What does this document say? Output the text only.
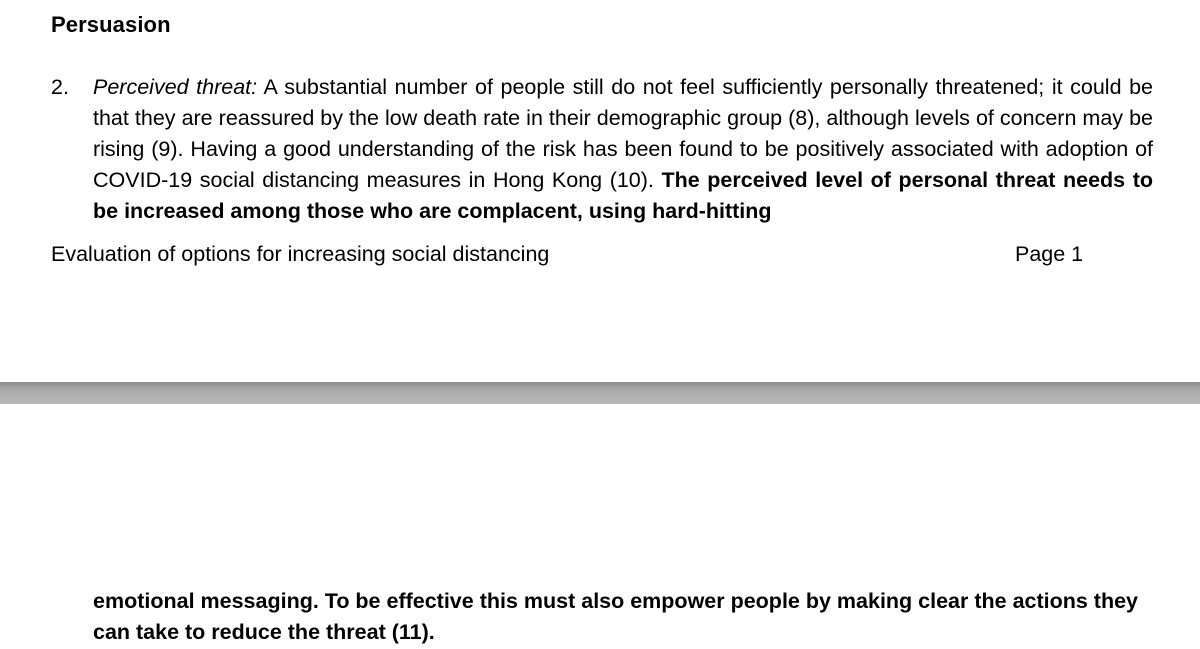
Persuasion
2. Perceived threat: A substantial number of people still do not feel sufficiently personally threatened; it could be that they are reassured by the low death rate in their demographic group (8), although levels of concern may be rising (9). Having a good understanding of the risk has been found to be positively associated with adoption of COVID-19 social distancing measures in Hong Kong (10). The perceived level of personal threat needs to be increased among those who are complacent, using hard-hitting
Evaluation of options for increasing social distancing	Page 1
emotional messaging. To be effective this must also empower people by making clear the actions they can take to reduce the threat (11).
